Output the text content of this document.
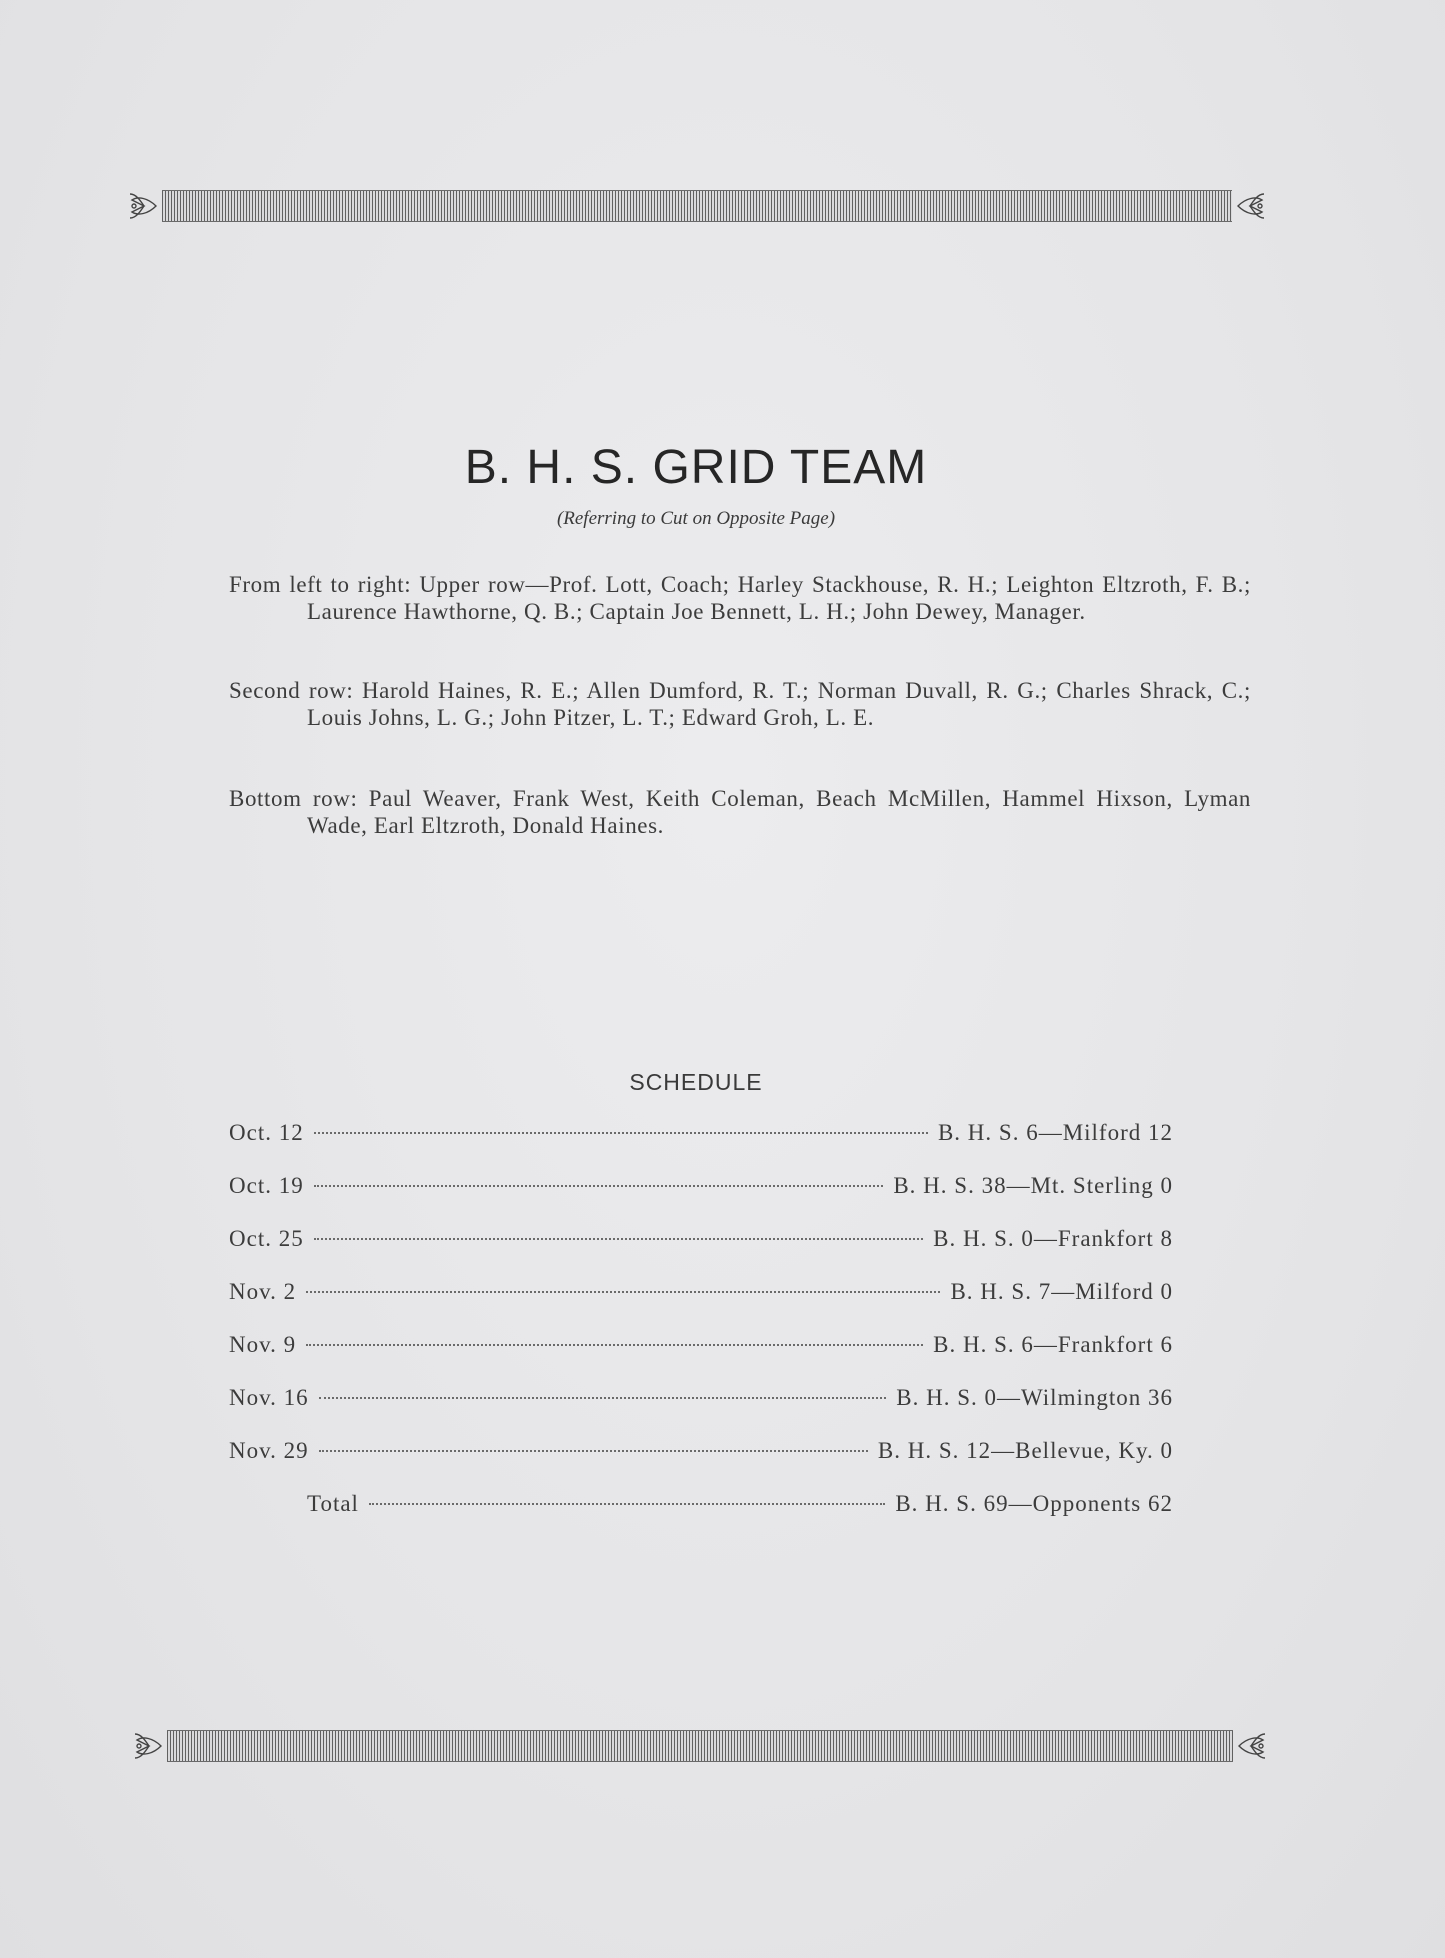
B. H. S. GRID TEAM
(Referring to Cut on Opposite Page)

From left to right: Upper row—Prof. Lott, Coach; Harley Stackhouse, R. H.; Leighton Eltzroth, F. B.; Laurence Hawthorne, Q. B.; Captain Joe Bennett, L. H.; John Dewey, Manager.

Second row: Harold Haines, R. E.; Allen Dumford, R. T.; Norman Duvall, R. G.; Charles Shrack, C.; Louis Johns, L. G.; John Pitzer, L. T.; Edward Groh, L. E.

Bottom row: Paul Weaver, Frank West, Keith Coleman, Beach McMillen, Hammel Hixson, Lyman Wade, Earl Eltzroth, Donald Haines.

SCHEDULE
Oct. 12	B. H. S. 6—Milford 12
Oct. 19	B. H. S. 38—Mt. Sterling 0
Oct. 25	B. H. S. 0—Frankfort 8
Nov. 2	B. H. S. 7—Milford 0
Nov. 9	B. H. S. 6—Frankfort 6
Nov. 16	B. H. S. 0—Wilmington 36
Nov. 29	B. H. S. 12—Bellevue, Ky. 0
Total	B. H. S. 69—Opponents 62
